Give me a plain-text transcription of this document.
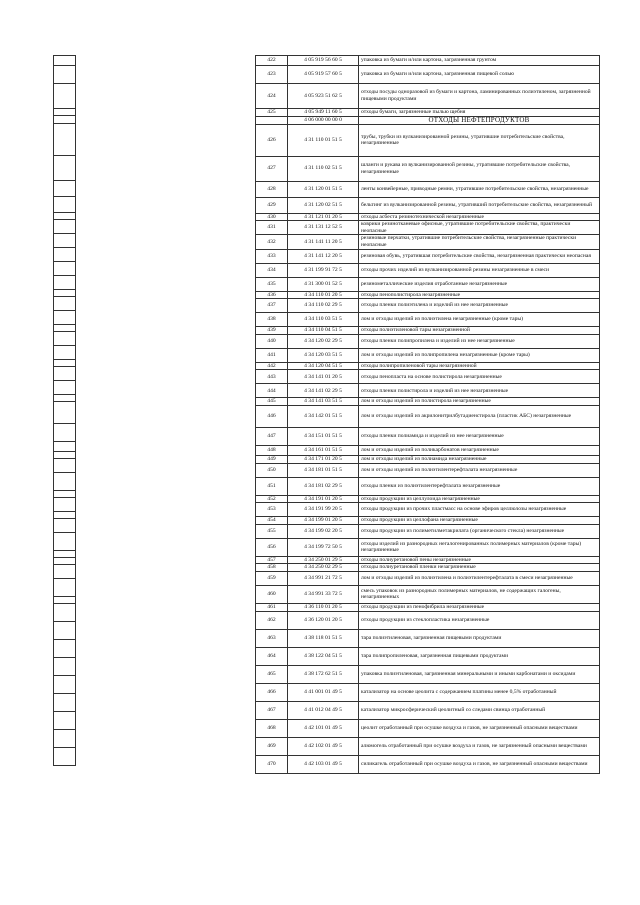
422	4 05 919 56 60 5	упаковка из бумаги и/или картона, загрязненная грунтом
423	4 05 919 57 60 5	упаковка из бумаги и/или картона, загрязненная пищевой солью
424	4 05 923 51 62 5	отходы посуды одноразовой из бумаги и картона, ламинированных полиэтиленом, загрязненной пищевыми продуктами
425	4 05 949 11 60 5	отходы бумаги, загрязненные пылью щебня
	4 06 000 00 00 0	ОТХОДЫ НЕФТЕПРОДУКТОВ
426	4 31 110 01 51 5	трубы, трубки из вулканизированной резины, утратившие потребительские свойства, незагрязненные
427	4 31 110 02 51 5	шланги и рукава из вулканизированной резины, утратившие потребительские свойства, незагрязненные
428	4 31 120 01 51 5	ленты конвейерные, приводные ремни, утратившие потребительские свойства, незагрязненные
429	4 31 120 02 51 5	бельтинг из вулканизированной резины, утративший потребительские свойства, незагрязненный
430	4 31 121 01 20 5	отходы асбеста резинотехнической незагрязненные
431	4 31 131 12 52 5	коврики резинотканевые офисные, утратившие потребительские свойства, практически неопасные
432	4 31 141 11 20 5	резиновые перчатки, утратившие потребительские свойства, незагрязненные практически неопасные
433	4 31 141 12 20 5	резиновая обувь, утратившая потребительские свойства, незагрязненная практически неопасная
434	4 31 199 91 72 5	отходы прочих изделий из вулканизированной резины незагрязненные в смеси
435	4 31 300 01 52 5	резинометаллические изделия отработанные незагрязненные
436	4 34 110 01 20 5	отходы пенополистирола незагрязненные
437	4 34 110 02 29 5	отходы пленки полиэтилена и изделий из нее незагрязненные
438	4 34 110 03 51 5	лом и отходы изделий из полиэтилена незагрязненные (кроме тары)
439	4 34 110 04 51 5	отходы полиэтиленовой тары незагрязненной
440	4 34 120 02 29 5	отходы пленки полипропилена и изделий из нее незагрязненные
441	4 34 120 03 51 5	лом и отходы изделий из полипропилена незагрязненные (кроме тары)
442	4 34 120 04 51 5	отходы полипропиленовой тары незагрязненной
443	4 34 141 01 20 5	отходы пенопласта на основе полистирола незагрязненные
444	4 34 141 02 29 5	отходы пленки полистирола и изделий из нее незагрязненные
445	4 34 141 03 51 5	лом и отходы изделий из полистирола незагрязненные
446	4 34 142 01 51 5	лом и отходы изделий из акрилонитрилбутадиенстирола (пластик АБС) незагрязненные
447	4 34 151 01 51 5	отходы пленки полиамида и изделий из нее незагрязненные
448	4 34 161 01 51 5	лом и отходы изделий из поликарбонатов незагрязненные
449	4 34 171 01 20 5	лом и отходы изделий из полиамида незагрязненные
450	4 34 181 01 51 5	лом и отходы изделий из полиэтилентерефталата незагрязненные
451	4 34 181 02 29 5	отходы пленки из полиэтилентерефталата незагрязненные
452	4 34 191 01 20 5	отходы продукции из целлулоида незагрязненные
453	4 34 191 99 20 5	отходы продукции из прочих пластмасс на основе эфиров целлюлозы незагрязненные
454	4 34 199 01 20 5	отходы продукции из целлофана незагрязненные
455	4 34 199 02 20 5	отходы продукции из полиметилметакрилата (органического стекла) незагрязненные
456	4 34 199 72 50 5	отходы изделий из разнородных негалогенированных полимерных материалов (кроме тары) незагрязненные
457	4 34 250 01 29 5	отходы полиуретановой пены незагрязненные
458	4 34 250 02 29 5	отходы полиуретановой пленки незагрязненные
459	4 34 991 21 72 5	лом и отходы изделий из полиэтилена и полиэтилентерефталата в смеси незагрязненные
460	4 34 991 33 72 5	смесь упаковок из разнородных полимерных материалов, не содержащих галогены, незагрязненных
461	4 36 110 01 20 5	отходы продукции из пенофибрила незагрязненные
462	4 36 120 01 20 5	отходы продукции из стеклопластика незагрязненные
463	4 38 118 01 51 5	тара полиэтиленовая, загрязненная пищевыми продуктами
464	4 38 122 04 51 5	тара полипропиленовая, загрязненная пищевыми продуктами
465	4 38 172 62 51 5	упаковка полиэтиленовая, загрязненная минеральными и иными карбонатами и оксидами
466	4 41 001 01 49 5	катализатор на основе цеолита с содержанием платины менее 0,5% отработанный
467	4 41 012 04 49 5	катализатор микросферический цеолитный со следами свинца отработанный
468	4 42 101 01 49 5	цеолит отработанный при осушке воздуха и газов, не загрязненный опасными веществами
469	4 42 102 01 49 5	алюмогель отработанный при осушке воздуха и газов, не загрязненный опасными веществами
470	4 42 103 01 49 5	силикагель отработанный при осушке воздуха и газов, не загрязненный опасными веществами
